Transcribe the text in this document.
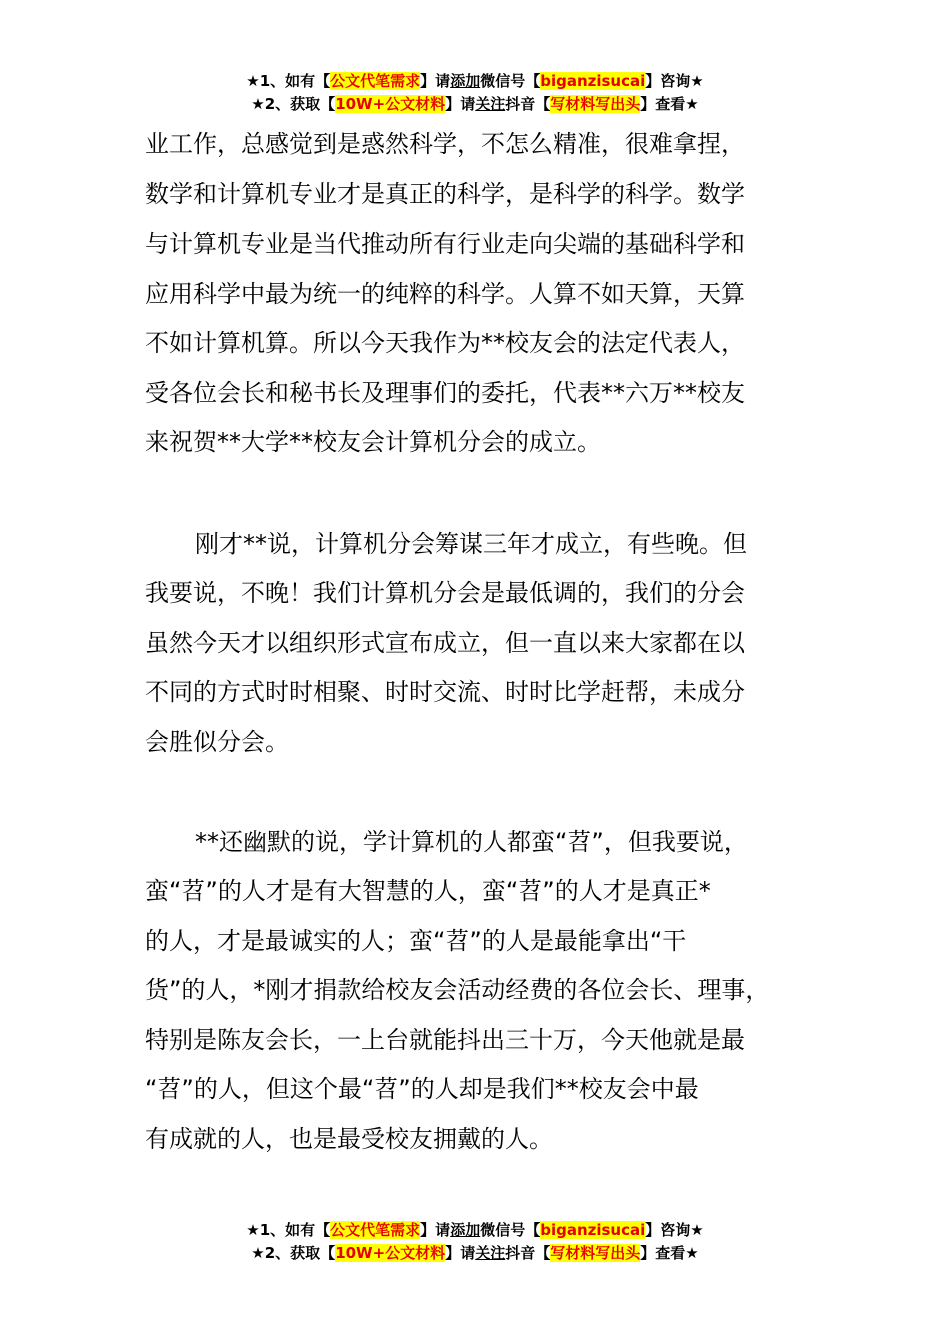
★1、如有【公文代笔需求】请添加微信号【biganzisucai】咨询★
★2、获取【10W+公文材料】请关注抖音【写材料写出头】查看★
业工作，总感觉到是惑然科学，不怎么精准，很难拿捏，
数学和计算机专业才是真正的科学，是科学的科学。数学
与计算机专业是当代推动所有行业走向尖端的基础科学和
应用科学中最为统一的纯粹的科学。人算不如天算，天算
不如计算机算。所以今天我作为**校友会的法定代表人，
受各位会长和秘书长及理事们的委托，代表**六万**校友
来祝贺**大学**校友会计算机分会的成立。
刚才**说，计算机分会筹谋三年才成立，有些晚。但
我要说，不晚！我们计算机分会是最低调的，我们的分会
虽然今天才以组织形式宣布成立，但一直以来大家都在以
不同的方式时时相聚、时时交流、时时比学赶帮，未成分
会胜似分会。
**还幽默的说，学计算机的人都蛮“苕”，但我要说，
蛮“苕”的人才是有大智慧的人，蛮“苕”的人才是真正*
的人，才是最诚实的人；蛮“苕”的人是最能拿出“干
货”的人，*刚才捐款给校友会活动经费的各位会长、理事，
特别是陈友会长，一上台就能抖出三十万，今天他就是最
“苕”的人，但这个最“苕”的人却是我们**校友会中最
有成就的人，也是最受校友拥戴的人。
★1、如有【公文代笔需求】请添加微信号【biganzisucai】咨询★
★2、获取【10W+公文材料】请关注抖音【写材料写出头】查看★
